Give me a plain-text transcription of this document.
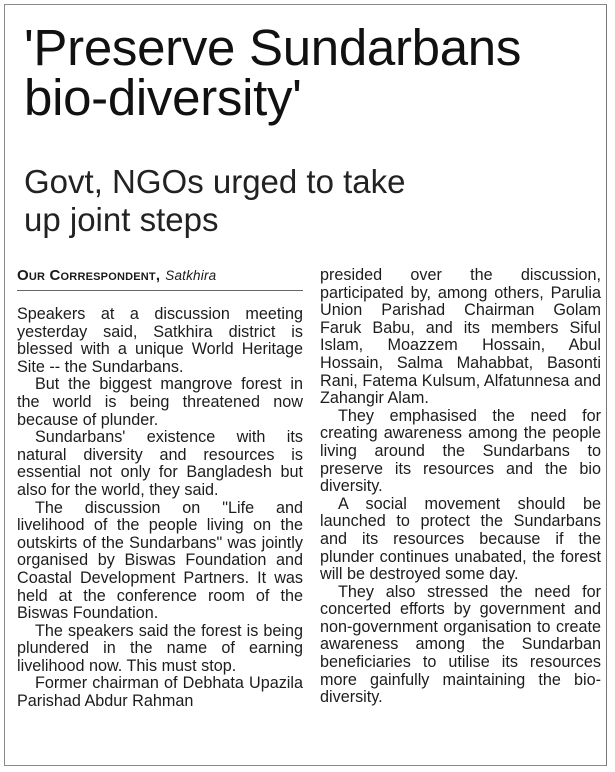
'Preserve Sundarbans
bio-diversity'
Govt, NGOs urged to take
up joint steps
Our Correspondent, Satkhira

Speakers at a discussion meeting yesterday said, Satkhira district is blessed with a unique World Heritage Site -- the Sundarbans.

But the biggest mangrove forest in the world is being threatened now because of plunder.

Sundarbans' existence with its natural diversity and resources is essential not only for Bangladesh but also for the world, they said.

The discussion on "Life and livelihood of the people living on the outskirts of the Sundarbans" was jointly organised by Biswas Foundation and Coastal Development Partners. It was held at the conference room of the Biswas Foundation.

The speakers said the forest is being plundered in the name of earning livelihood now. This must stop.

Former chairman of Debhata Upazila Parishad Abdur Rahman

presided over the discussion, participated by, among others, Parulia Union Parishad Chairman Golam Faruk Babu, and its members Siful Islam, Moazzem Hossain, Abul Hossain, Salma Mahabbat, Basonti Rani, Fatema Kulsum, Alfatunnesa and Zahangir Alam.

They emphasised the need for creating awareness among the people living around the Sundarbans to preserve its resources and the bio diversity.

A social movement should be launched to protect the Sundarbans and its resources because if the plunder continues unabated, the forest will be destroyed some day.

They also stressed the need for concerted efforts by government and non-government organisation to create awareness among the Sundarban beneficiaries to utilise its resources more gainfully maintaining the bio-diversity.
